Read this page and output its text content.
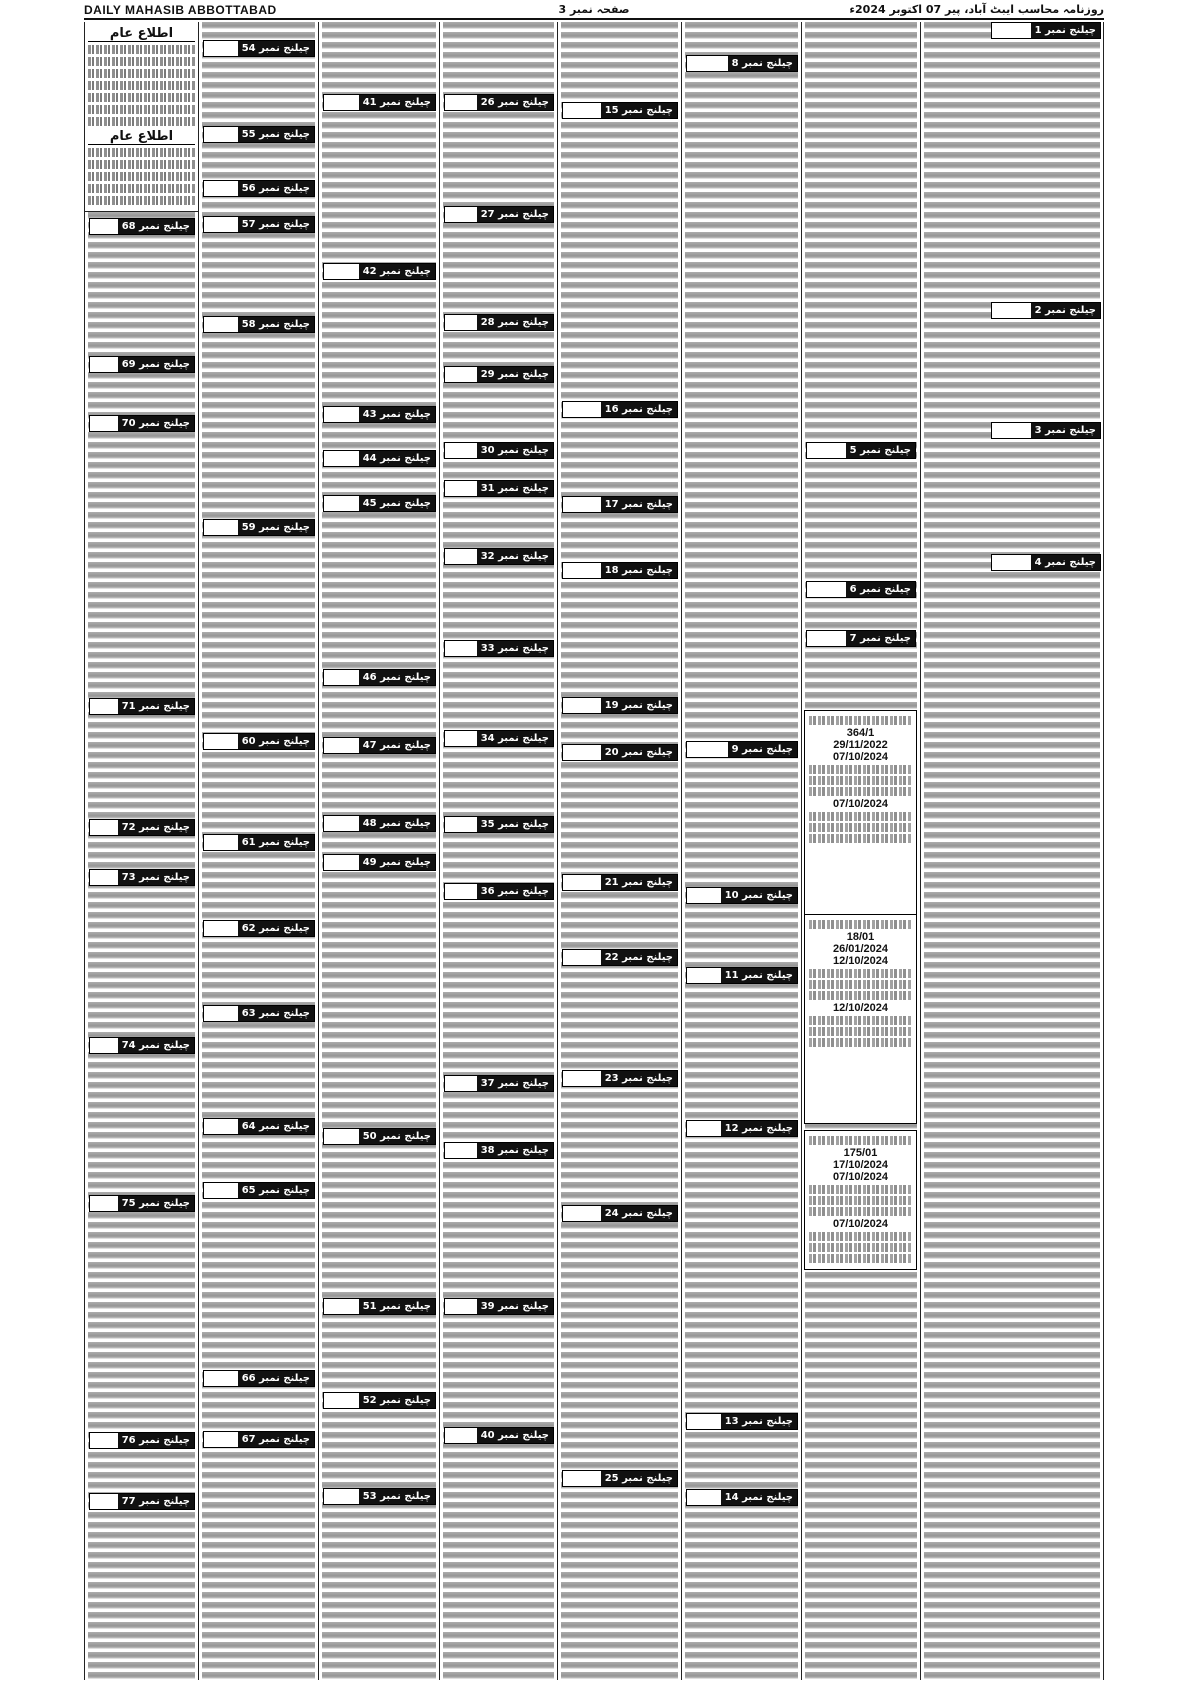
DAILY MAHASIB ABBOTTABAD	صفحہ نمبر 3	روزنامہ محاسب ایبٹ آباد، پیر 07 اکتوبر 2024ء
چیلنج نمبر 68
چیلنج نمبر 69
چیلنج نمبر 70
چیلنج نمبر 71
چیلنج نمبر 72
چیلنج نمبر 73
چیلنج نمبر 74
چیلنج نمبر 75
چیلنج نمبر 76
چیلنج نمبر 77
اطلاع عام
اطلاع عام
چیلنج نمبر 54
چیلنج نمبر 55
چیلنج نمبر 56
چیلنج نمبر 57
چیلنج نمبر 58
چیلنج نمبر 59
چیلنج نمبر 60
چیلنج نمبر 61
چیلنج نمبر 62
چیلنج نمبر 63
چیلنج نمبر 64
چیلنج نمبر 65
چیلنج نمبر 66
چیلنج نمبر 67
چیلنج نمبر 41
چیلنج نمبر 42
چیلنج نمبر 43
چیلنج نمبر 44
چیلنج نمبر 45
چیلنج نمبر 46
چیلنج نمبر 47
چیلنج نمبر 48
چیلنج نمبر 49
چیلنج نمبر 50
چیلنج نمبر 51
چیلنج نمبر 52
چیلنج نمبر 53
چیلنج نمبر 26
چیلنج نمبر 27
چیلنج نمبر 28
چیلنج نمبر 29
چیلنج نمبر 30
چیلنج نمبر 31
چیلنج نمبر 32
چیلنج نمبر 33
چیلنج نمبر 34
چیلنج نمبر 35
چیلنج نمبر 36
چیلنج نمبر 37
چیلنج نمبر 38
چیلنج نمبر 39
چیلنج نمبر 40
چیلنج نمبر 15
چیلنج نمبر 16
چیلنج نمبر 17
چیلنج نمبر 18
چیلنج نمبر 19
چیلنج نمبر 20
چیلنج نمبر 21
چیلنج نمبر 22
چیلنج نمبر 23
چیلنج نمبر 24
چیلنج نمبر 25
چیلنج نمبر 8
چیلنج نمبر 9
چیلنج نمبر 10
چیلنج نمبر 11
چیلنج نمبر 12
چیلنج نمبر 13
چیلنج نمبر 14
چیلنج نمبر 5
چیلنج نمبر 6
چیلنج نمبر 7
364/1
29/11/2022
07/10/2024
07/10/2024
18/01
26/01/2024
12/10/2024
12/10/2024
175/01
17/10/2024
07/10/2024
07/10/2024
چیلنج نمبر 1
چیلنج نمبر 2
چیلنج نمبر 3
چیلنج نمبر 4
